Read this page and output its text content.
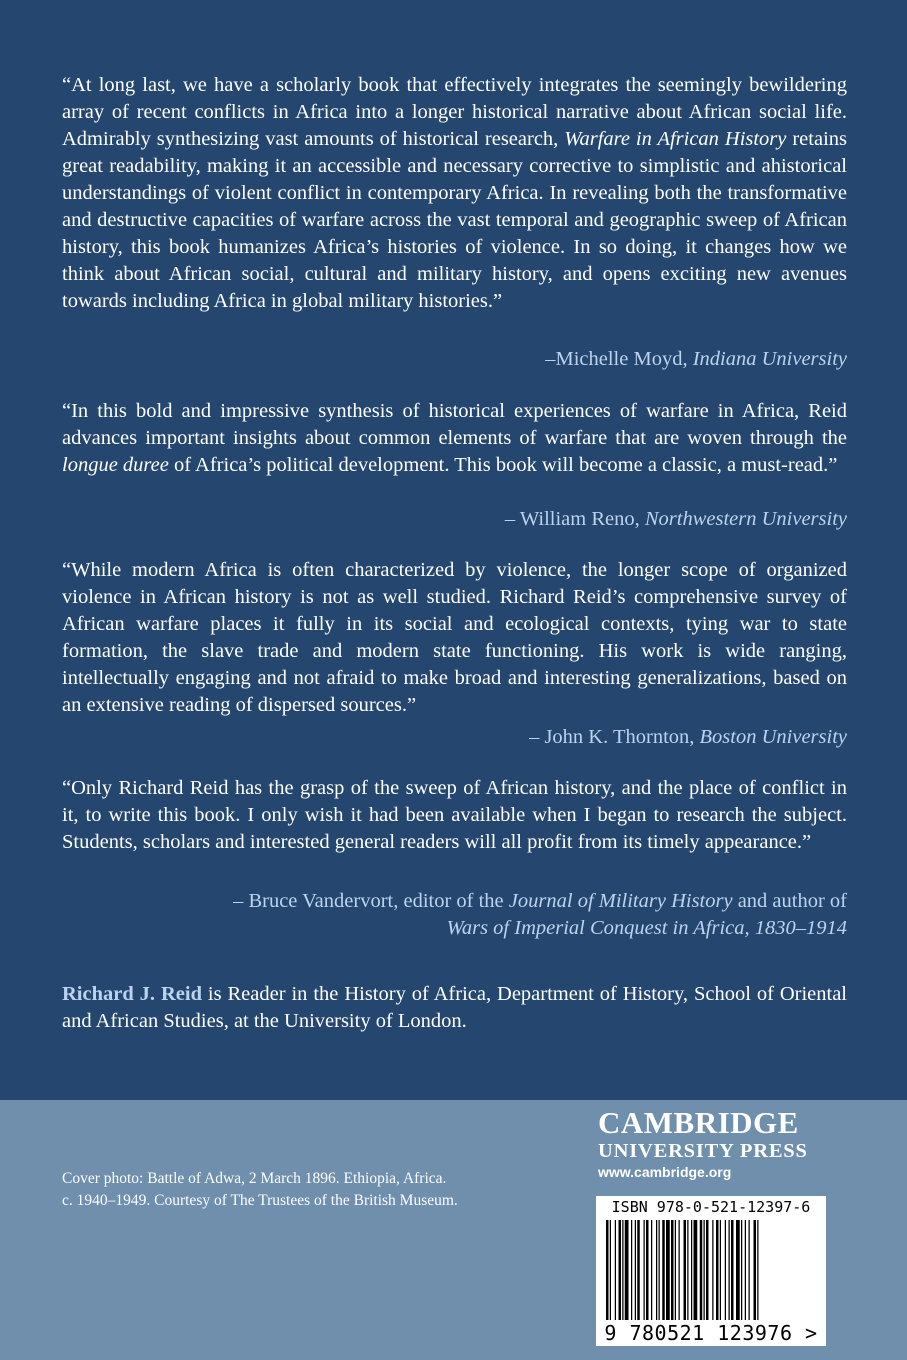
“At long last, we have a scholarly book that effectively integrates the seemingly bewildering array of recent conflicts in Africa into a longer historical narrative about African social life. Admirably synthesizing vast amounts of historical research, Warfare in African History retains great readability, making it an accessible and necessary corrective to simplistic and ahistorical understandings of violent conflict in contemporary Africa. In revealing both the transformative and destructive capacities of warfare across the vast temporal and geographic sweep of African history, this book humanizes Africa’s histories of violence. In so doing, it changes how we think about African social, cultural and military history, and opens exciting new avenues towards including Africa in global military histories.”

–Michelle Moyd, Indiana University

“In this bold and impressive synthesis of historical experiences of warfare in Africa, Reid advances important insights about common elements of warfare that are woven through the longue duree of Africa’s political development. This book will become a classic, a must-read.”

– William Reno, Northwestern University

“While modern Africa is often characterized by violence, the longer scope of organized violence in African history is not as well studied. Richard Reid’s comprehensive survey of African warfare places it fully in its social and ecological contexts, tying war to state formation, the slave trade and modern state functioning. His work is wide ranging, intellectually engaging and not afraid to make broad and interesting generalizations, based on an extensive reading of dispersed sources.”

– John K. Thornton, Boston University

“Only Richard Reid has the grasp of the sweep of African history, and the place of conflict in it, to write this book. I only wish it had been available when I began to research the subject. Students, scholars and interested general readers will all profit from its timely appearance.”

– Bruce Vandervort, editor of the Journal of Military History and author of
Wars of Imperial Conquest in Africa, 1830–1914

Richard J. Reid is Reader in the History of Africa, Department of History, School of Oriental and African Studies, at the University of London.

Cover photo: Battle of Adwa, 2 March 1896. Ethiopia, Africa.
c. 1940–1949. Courtesy of The Trustees of the British Museum.
CAMBRIDGE
UNIVERSITY PRESS
www.cambridge.org
ISBN 978-0-521-12397-6
9 780521 123976 >
